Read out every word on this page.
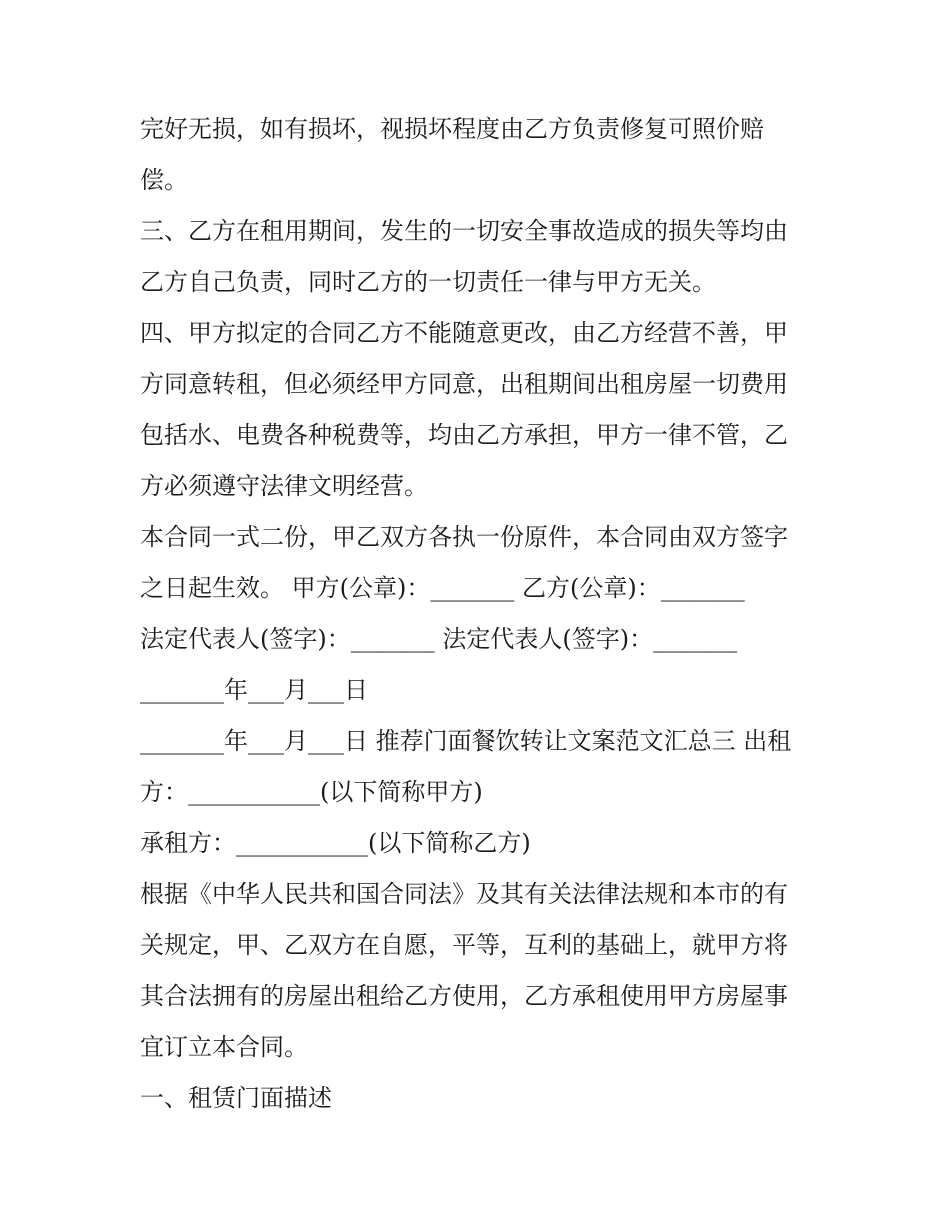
完好无损，如有损坏，视损坏程度由乙方负责修复可照价赔
偿。
三、乙方在租用期间，发生的一切安全事故造成的损失等均由
乙方自己负责，同时乙方的一切责任一律与甲方无关。
四、甲方拟定的合同乙方不能随意更改，由乙方经营不善，甲
方同意转租，但必须经甲方同意，出租期间出租房屋一切费用
包括水、电费各种税费等，均由乙方承担，甲方一律不管，乙
方必须遵守法律文明经营。
本合同一式二份，甲乙双方各执一份原件，本合同由双方签字
之日起生效。 甲方(公章)：_______ 乙方(公章)：_______
法定代表人(签字)：_______ 法定代表人(签字)：_______
_______年___月___日
_______年___月___日 推荐门面餐饮转让文案范文汇总三 出租
方：___________(以下简称甲方)
承租方：___________(以下简称乙方)
根据《中华人民共和国合同法》及其有关法律法规和本市的有
关规定，甲、乙双方在自愿，平等，互利的基础上，就甲方将
其合法拥有的房屋出租给乙方使用，乙方承租使用甲方房屋事
宜订立本合同。
一、租赁门面描述
